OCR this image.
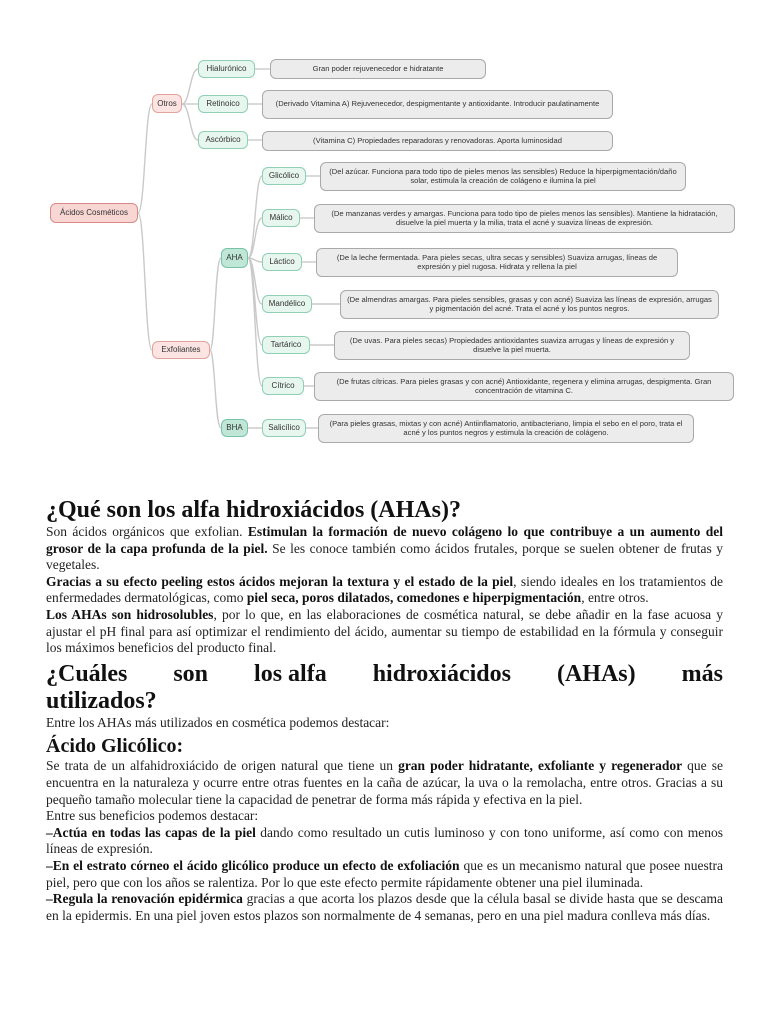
Ácidos Cosméticos
Otros
Exfoliantes
AHA
BHA
Hialurónico	Gran poder rejuvenecedor e hidratante
Retinoico	(Derivado Vitamina A) Rejuvenecedor, despigmentante y antioxidante. Introducir paulatinamente
Ascórbico	(Vitamina C) Propiedades reparadoras y renovadoras. Aporta luminosidad
Glicólico
(Del azúcar. Funciona para todo tipo de pieles menos las sensibles) Reduce la hiperpigmentación/daño solar, estimula la creación de colágeno e ilumina la piel
Málico
(De manzanas verdes y amargas. Funciona para todo tipo de pieles menos las sensibles). Mantiene la hidratación, disuelve la piel muerta y la milia, trata el acné y suaviza líneas de expresión.
Láctico
(De la leche fermentada. Para pieles secas, ultra secas y sensibles) Suaviza arrugas, líneas de expresión y piel rugosa. Hidrata y rellena la piel
Mandélico
(De almendras amargas. Para pieles sensibles, grasas y con acné) Suaviza las líneas de expresión, arrugas y pigmentación del acné. Trata el acné y los puntos negros.
Tartárico
(De uvas. Para pieles secas) Propiedades antioxidantes suaviza arrugas y líneas de expresión y disuelve la piel muerta.
Cítrico
(De frutas cítricas. Para pieles grasas y con acné) Antioxidante, regenera y elimina arrugas, despigmenta. Gran concentración de vitamina C.
Salicílico
(Para pieles grasas, mixtas y con acné) Antiinflamatorio, antibacteriano, limpia el sebo en el poro, trata el acné y los puntos negros y estimula la creación de colágeno.
¿Qué son los alfa hidroxiácidos (AHAs)?

Son ácidos orgánicos que exfolian. Estimulan la formación de nuevo colágeno lo que contribuye a un aumento del grosor de la capa profunda de la piel. Se les conoce también como ácidos frutales, porque se suelen obtener de frutas y vegetales.

Gracias a su efecto peeling estos ácidos mejoran la textura y el estado de la piel, siendo ideales en los tratamientos de enfermedades dermatológicas, como piel seca, poros dilatados, comedones e hiperpigmentación, entre otros.

Los AHAs son hidrosolubles, por lo que, en las elaboraciones de cosmética natural, se debe añadir en la fase acuosa y ajustar el pH final para así optimizar el rendimiento del ácido, aumentar su tiempo de estabilidad en la fórmula y conseguir los máximos beneficios del producto final.

¿Cuáles son los alfa hidroxiácidos (AHAs) más
utilizados?

Entre los AHAs más utilizados en cosmética podemos destacar:

Ácido Glicólico:

Se trata de un alfahidroxiácido de origen natural que tiene un gran poder hidratante, exfoliante y regenerador que se encuentra en la naturaleza y ocurre entre otras fuentes en la caña de azúcar, la uva o la remolacha, entre otros. Gracias a su pequeño tamaño molecular tiene la capacidad de penetrar de forma más rápida y efectiva en la piel.

Entre sus beneficios podemos destacar:

–Actúa en todas las capas de la piel dando como resultado un cutis luminoso y con tono uniforme, así como con menos líneas de expresión.

–En el estrato córneo el ácido glicólico produce un efecto de exfoliación que es un mecanismo natural que posee nuestra piel, pero que con los años se ralentiza. Por lo que este efecto permite rápidamente obtener una piel iluminada.

–Regula la renovación epidérmica gracias a que acorta los plazos desde que la célula basal se divide hasta que se descama en la epidermis. En una piel joven estos plazos son normalmente de 4 semanas, pero en una piel madura conlleva más días.
